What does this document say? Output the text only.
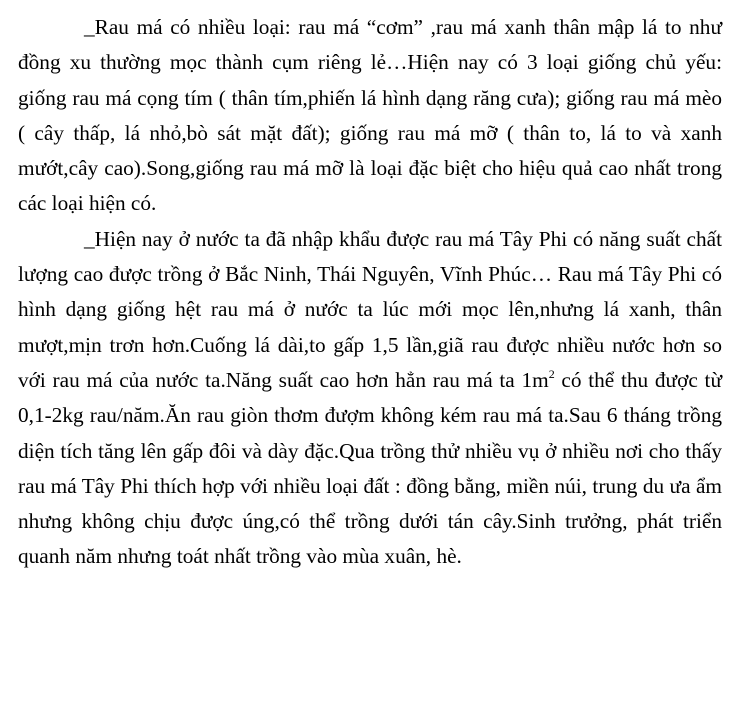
_Rau má có nhiều loại: rau má “cơm” ,rau má xanh thân mập lá to như đồng xu thường mọc thành cụm riêng lẻ…Hiện nay có 3 loại giống chủ yếu: giống rau má cọng tím ( thân tím,phiến lá hình dạng răng cưa); giống rau má mèo ( cây thấp, lá nhỏ,bò sát mặt đất); giống rau má mỡ ( thân to, lá to và xanh mướt,cây cao).Song,giống rau má mỡ là loại đặc biệt cho hiệu quả cao nhất trong các loại hiện có.

_Hiện nay ở nước ta đã nhập khẩu được rau má Tây Phi có năng suất chất lượng cao được trồng ở Bắc Ninh, Thái Nguyên, Vĩnh Phúc… Rau má Tây Phi có hình dạng giống hệt rau má ở nước ta lúc mới mọc lên,nhưng lá xanh, thân mượt,mịn trơn hơn.Cuống lá dài,to gấp 1,5 lần,giã rau được nhiều nước hơn so với rau má của nước ta.Năng suất cao hơn hẳn rau má ta $1m^2$ có thể thu được từ 0,1-2kg rau/năm.Ăn rau giòn thơm đượm không kém rau má ta.Sau 6 tháng trồng diện tích tăng lên gấp đôi và dày đặc.Qua trồng thử nhiều vụ ở nhiều nơi cho thấy rau má Tây Phi thích hợp với nhiều loại đất : đồng bằng, miền núi, trung du ưa ẩm nhưng không chịu được úng,có thể trồng dưới tán cây.Sinh trưởng, phát triển quanh năm nhưng toát nhất trồng vào mùa xuân, hè.
